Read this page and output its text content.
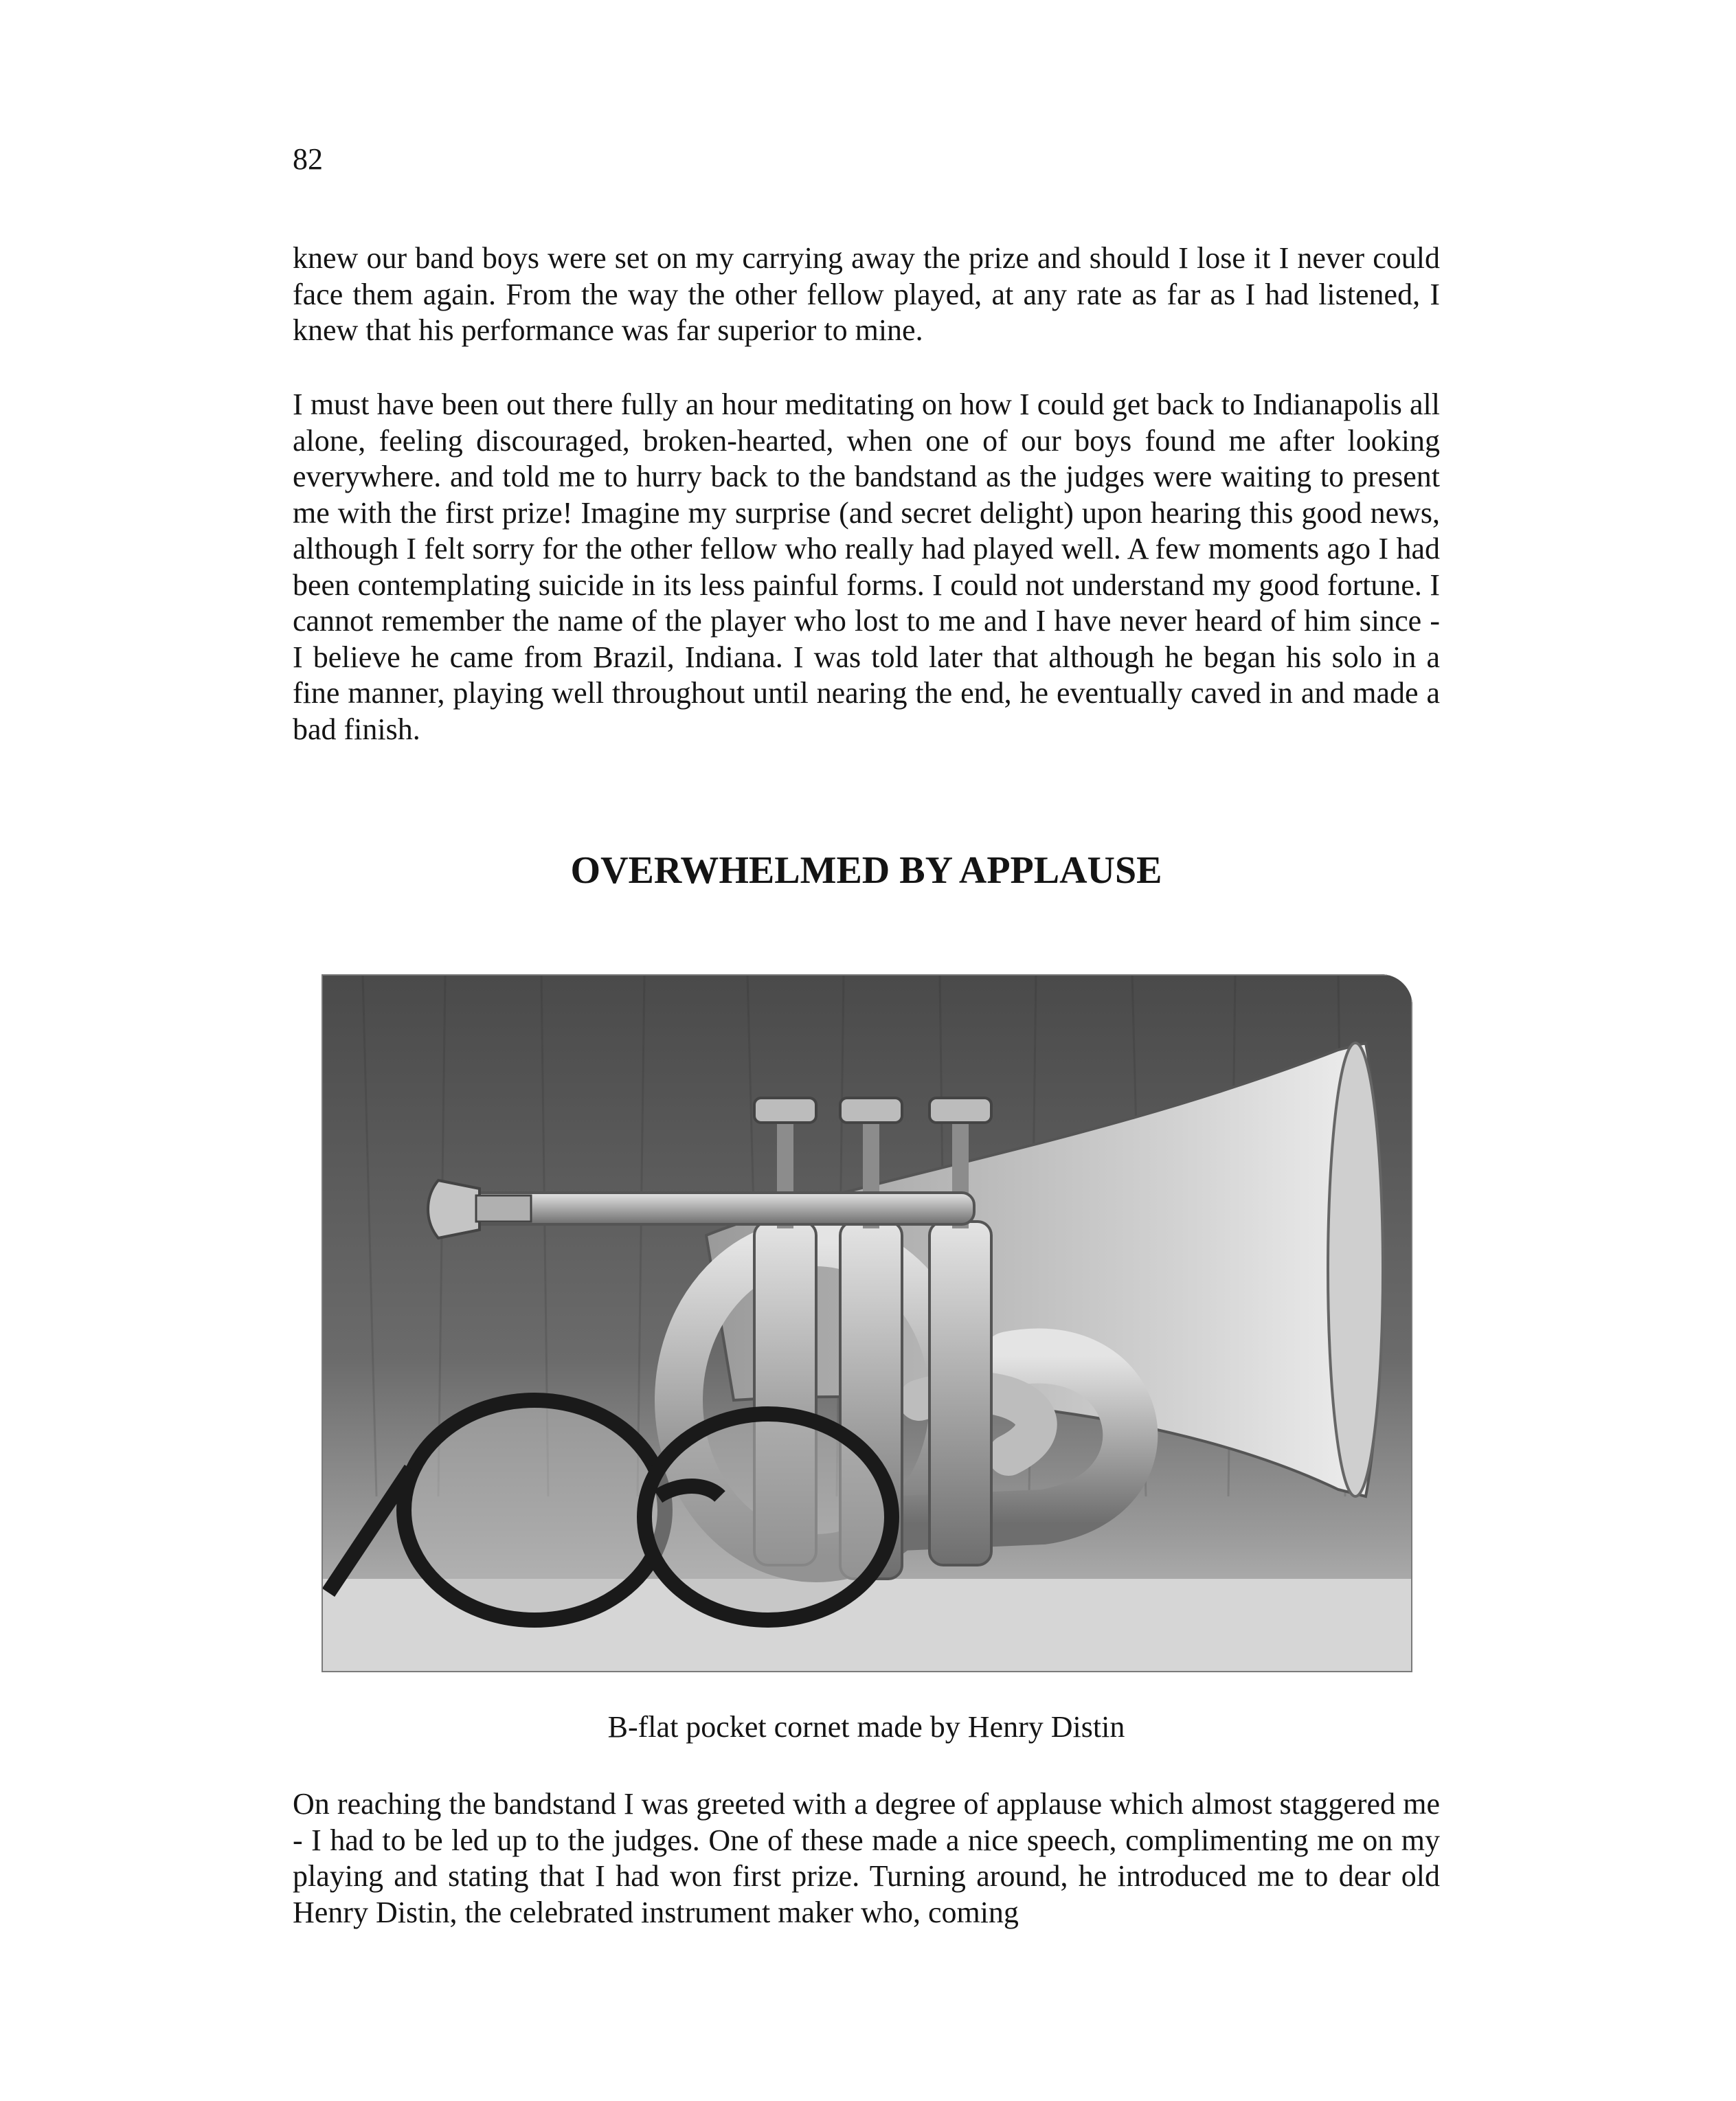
82

knew our band boys were set on my carrying away the prize and should I lose it I never could face them again. From the way the other fellow played, at any rate as far as I had listened, I knew that his performance was far superior to mine.

I must have been out there fully an hour meditating on how I could get back to Indianapolis all alone, feeling discouraged, broken-hearted, when one of our boys found me after looking everywhere. and told me to hurry back to the bandstand as the judges were waiting to present me with the first prize! Imagine my surprise (and secret delight) upon hearing this good news, although I felt sorry for the other fellow who really had played well. A few moments ago I had been contemplating suicide in its less painful forms. I could not understand my good fortune. I cannot remember the name of the player who lost to me and I have never heard of him since - I believe he came from Brazil, Indiana. I was told later that although he began his solo in a fine manner, playing well throughout until nearing the end, he eventually caved in and made a bad finish.

OVERWHELMED BY APPLAUSE
B-flat pocket cornet made by Henry Distin

On reaching the bandstand I was greeted with a degree of applause which almost staggered me - I had to be led up to the judges. One of these made a nice speech, complimenting me on my playing and stating that I had won first prize. Turning around, he introduced me to dear old Henry Distin, the celebrated instrument maker who, coming
